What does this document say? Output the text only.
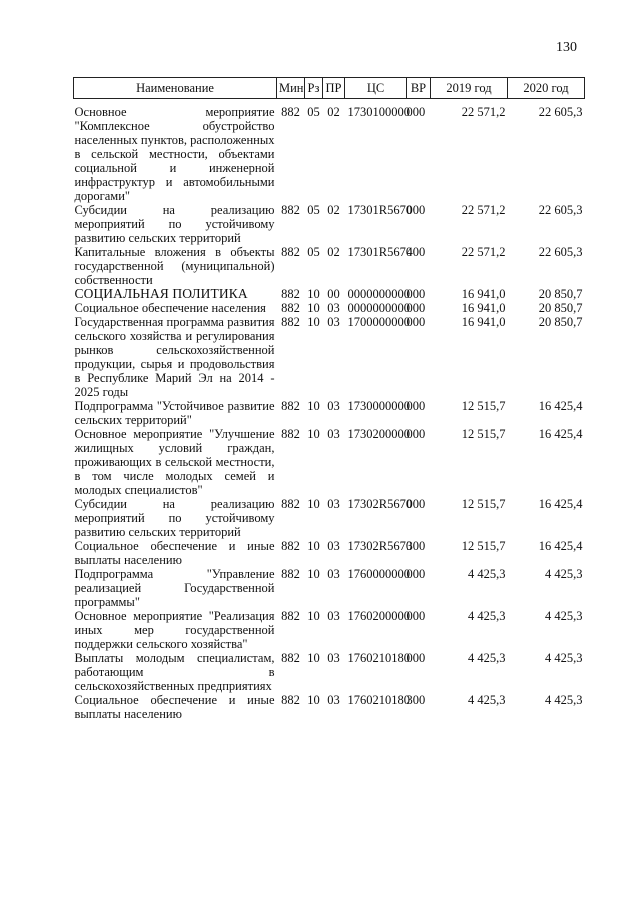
130
Наименование	Мин	Рз	ПР	ЦС	ВР	2019 год	2020 год
Основное мероприятие "Комплексное обустройство населенных пунктов, расположенных в сельской местности, объектами социальной и инженерной инфраструктур и автомобильными дорогами"	882	05	02	1730100000	000	22 571,2	22 605,3
Субсидии на реализацию мероприятий по устойчивому развитию сельских территорий	882	05	02	17301R5670	000	22 571,2	22 605,3
Капитальные вложения в объекты государственной (муниципальной) собственности	882	05	02	17301R5670	400	22 571,2	22 605,3
СОЦИАЛЬНАЯ ПОЛИТИКА	882	10	00	0000000000	000	16 941,0	20 850,7
Социальное обеспечение населения	882	10	03	0000000000	000	16 941,0	20 850,7
Государственная программа развития сельского хозяйства и регулирования рынков сельскохозяйственной продукции, сырья и продовольствия в Республике Марий Эл на 2014 - 2025 годы	882	10	03	1700000000	000	16 941,0	20 850,7
Подпрограмма "Устойчивое развитие сельских территорий"	882	10	03	1730000000	000	12 515,7	16 425,4
Основное мероприятие "Улучшение жилищных условий граждан, проживающих в сельской местности, в том числе молодых семей и молодых специалистов"	882	10	03	1730200000	000	12 515,7	16 425,4
Субсидии на реализацию мероприятий по устойчивому развитию сельских территорий	882	10	03	17302R5670	000	12 515,7	16 425,4
Социальное обеспечение и иные выплаты населению	882	10	03	17302R5670	300	12 515,7	16 425,4
Подпрограмма "Управление реализацией Государственной программы"	882	10	03	1760000000	000	4 425,3	4 425,3
Основное мероприятие "Реализация иных мер государственной поддержки сельского хозяйства"	882	10	03	1760200000	000	4 425,3	4 425,3
Выплаты молодым специалистам, работающим в сельскохозяйственных предприятиях	882	10	03	1760210180	000	4 425,3	4 425,3
Социальное обеспечение и иные выплаты населению	882	10	03	1760210180	300	4 425,3	4 425,3
